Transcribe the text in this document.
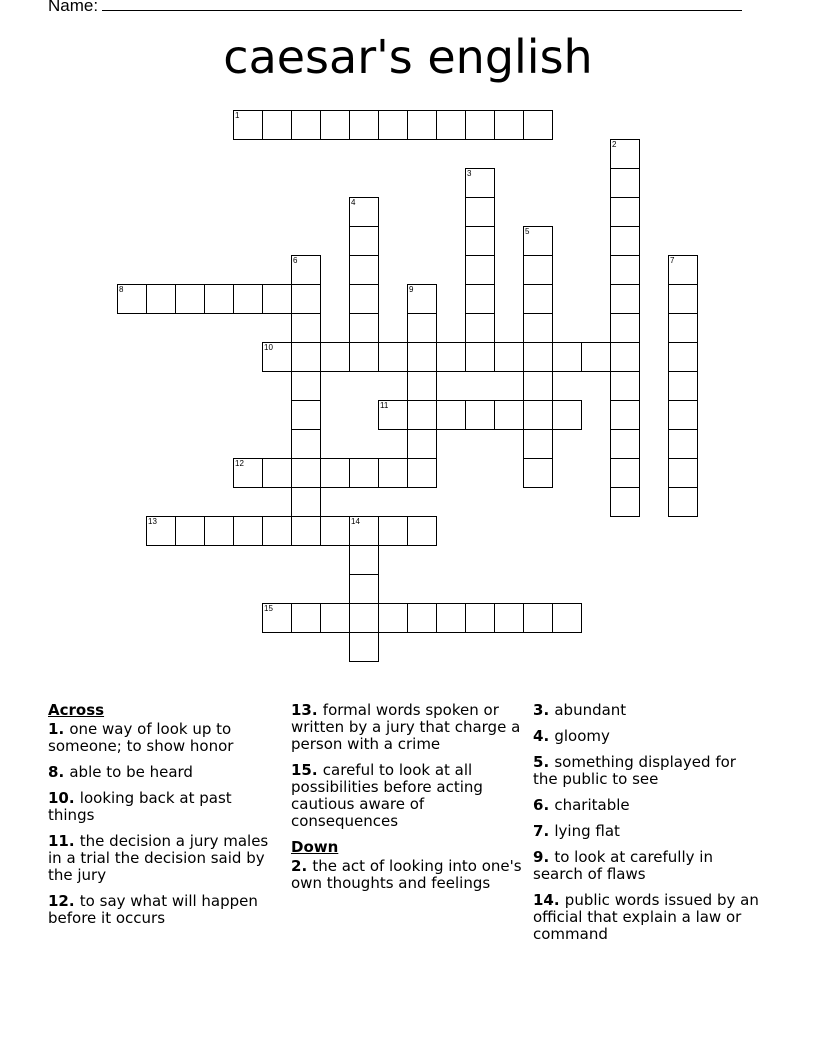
Name:
caesar's english
1
2
3
4
5
6	7
8	9
10
11
12
13	14
15
Across
1. one way of look up to someone; to show honor
8. able to be heard
10. looking back at past things
11. the decision a jury males in a trial the decision said by the jury
12. to say what will happen before it occurs
13. formal words spoken or written by a jury that charge a person with a crime
15. careful to look at all possibilities before acting cautious aware of consequences
Down
2. the act of looking into one's own thoughts and feelings
3. abundant
4. gloomy
5. something displayed for the public to see
6. charitable
7. lying flat
9. to look at carefully in search of flaws
14. public words issued by an official that explain a law or command
